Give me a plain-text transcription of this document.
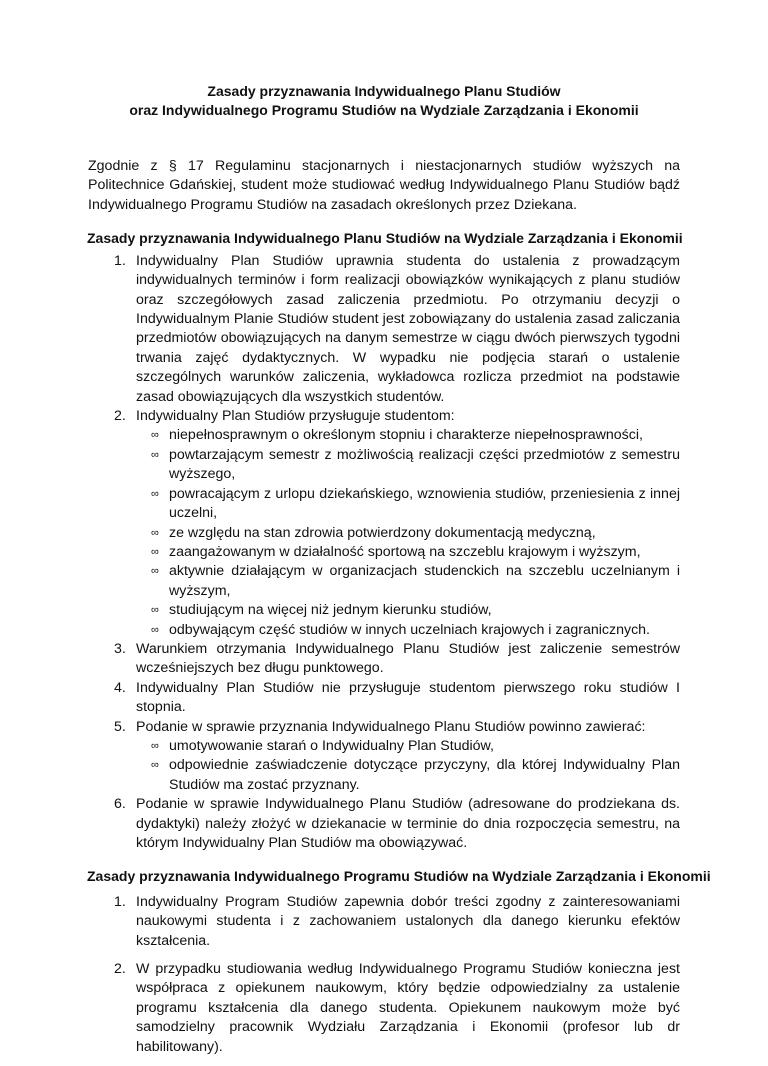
Zasady przyznawania Indywidualnego Planu Studiów
oraz Indywidualnego Programu Studiów na Wydziale Zarządzania i Ekonomii

Zgodnie z § 17 Regulaminu stacjonarnych i niestacjonarnych studiów wyższych na Politechnice Gdańskiej, student może studiować według Indywidualnego Planu Studiów bądź Indywidualnego Programu Studiów na zasadach określonych przez Dziekana.

Zasady przyznawania Indywidualnego Planu Studiów na Wydziale Zarządzania i Ekonomii
1. Indywidualny Plan Studiów uprawnia studenta do ustalenia z prowadzącym indywidualnych terminów i form realizacji obowiązków wynikających z planu studiów oraz szczegółowych zasad zaliczenia przedmiotu. Po otrzymaniu decyzji o Indywidualnym Planie Studiów student jest zobowiązany do ustalenia zasad zaliczania przedmiotów obowiązujących na danym semestrze w ciągu dwóch pierwszych tygodni trwania zajęć dydaktycznych. W wypadku nie podjęcia starań o ustalenie szczególnych warunków zaliczenia, wykładowca rozlicza przedmiot na podstawie zasad obowiązujących dla wszystkich studentów.
2. Indywidualny Plan Studiów przysługuje studentom:
∞ niepełnosprawnym o określonym stopniu i charakterze niepełnosprawności,
∞ powtarzającym semestr z możliwością realizacji części przedmiotów z semestru wyższego,
∞ powracającym z urlopu dziekańskiego, wznowienia studiów, przeniesienia z innej uczelni,
∞ ze względu na stan zdrowia potwierdzony dokumentacją medyczną,
∞ zaangażowanym w działalność sportową na szczeblu krajowym i wyższym,
∞ aktywnie działającym w organizacjach studenckich na szczeblu uczelnianym i wyższym,
∞ studiującym na więcej niż jednym kierunku studiów,
∞ odbywającym część studiów w innych uczelniach krajowych i zagranicznych.
3. Warunkiem otrzymania Indywidualnego Planu Studiów jest zaliczenie semestrów wcześniejszych bez długu punktowego.
4. Indywidualny Plan Studiów nie przysługuje studentom pierwszego roku studiów I stopnia.
5. Podanie w sprawie przyznania Indywidualnego Planu Studiów powinno zawierać:
∞ umotywowanie starań o Indywidualny Plan Studiów,
∞ odpowiednie zaświadczenie dotyczące przyczyny, dla której Indywidualny Plan Studiów ma zostać przyznany.
6. Podanie w sprawie Indywidualnego Planu Studiów (adresowane do prodziekana ds. dydaktyki) należy złożyć w dziekanacie w terminie do dnia rozpoczęcia semestru, na którym Indywidualny Plan Studiów ma obowiązywać.
Zasady przyznawania Indywidualnego Programu Studiów na Wydziale Zarządzania i Ekonomii
1. Indywidualny Program Studiów zapewnia dobór treści zgodny z zainteresowaniami naukowymi studenta i z zachowaniem ustalonych dla danego kierunku efektów kształcenia.
2. W przypadku studiowania według Indywidualnego Programu Studiów konieczna jest współpraca z opiekunem naukowym, który będzie odpowiedzialny za ustalenie programu kształcenia dla danego studenta. Opiekunem naukowym może być samodzielny pracownik Wydziału Zarządzania i Ekonomii (profesor lub dr habilitowany).
